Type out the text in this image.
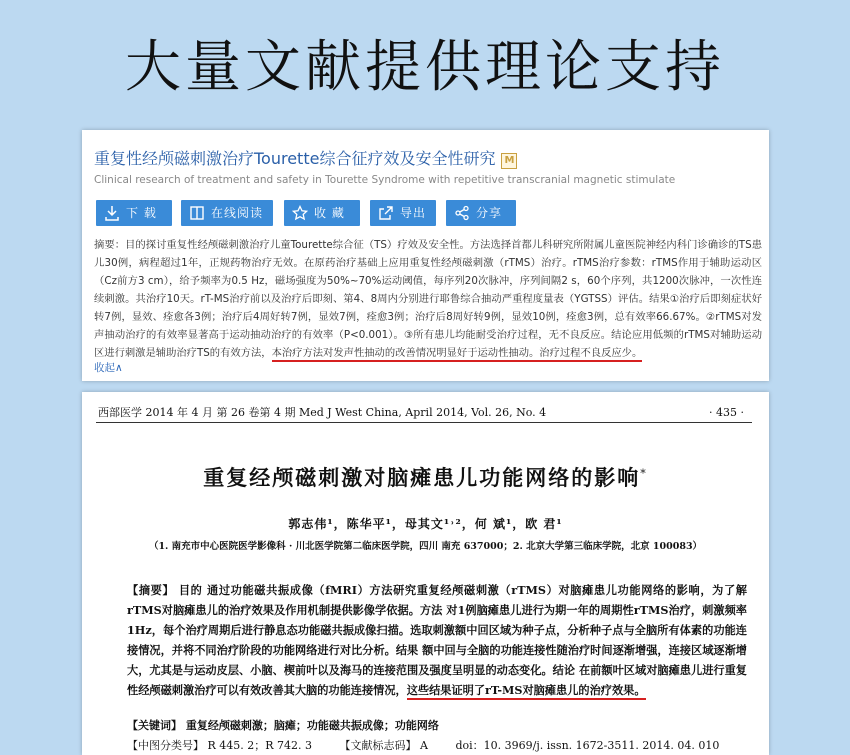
大量文献提供理论支持
重复性经颅磁刺激治疗Tourette综合征疗效及安全性研究 M
Clinical research of treatment and safety in Tourette Syndrome with repetitive transcranial magnetic stimulate
下 载	在线阅读	收 藏	导出	分享
摘要：目的探讨重复性经颅磁刺激治疗儿童Tourette综合征（TS）疗效及安全性。方法选择首都儿科研究所附属儿童医院神经内科门诊确诊的TS患儿30例，病程超过1年，正规药物治疗无效。在原药治疗基础上应用重复性经颅磁刺激（rTMS）治疗。rTMS治疗参数：rTMS作用于辅助运动区（Cz前方3 cm），给予频率为0.5 Hz，磁场强度为50%~70%运动阈值，每序列20次脉冲，序列间隔2 s，60个序列，共1200次脉冲，一次性连续刺激。共治疗10天。rT-MS治疗前以及治疗后即刻、第4、8周内分别进行耶鲁综合抽动严重程度量表（YGTSS）评估。结果①治疗后即刻症状好转7例，显效、痊愈各3例；治疗后4周好转7例，显效7例，痊愈3例；治疗后8周好转9例，显效10例，痊愈3例，总有效率66.67%。②rTMS对发声抽动治疗的有效率显著高于运动抽动治疗的有效率（P<0.001）。③所有患儿均能耐受治疗过程，无不良反应。结论应用低频的rTMS对辅助运动区进行刺激是辅助治疗TS的有效方法，本治疗方法对发声性抽动的改善情况明显好于运动性抽动。治疗过程不良反应少。
收起∧
西部医学 2014 年 4 月 第 26 卷第 4 期 Med J West China, April 2014, Vol. 26, No. 4	· 435 ·
重复经颅磁刺激对脑瘫患儿功能网络的影响*
郭志伟¹，陈华平¹，母其文¹˒²，何 斌¹，欧 君¹
（1. 南充市中心医院医学影像科 · 川北医学院第二临床医学院，四川 南充 637000；2. 北京大学第三临床学院，北京 100083）
【摘要】 目的 通过功能磁共振成像（fMRI）方法研究重复经颅磁刺激（rTMS）对脑瘫患儿功能网络的影响，为了解rTMS对脑瘫患儿的治疗效果及作用机制提供影像学依据。方法 对1例脑瘫患儿进行为期一年的周期性rTMS治疗，刺激频率1Hz，每个治疗周期后进行静息态功能磁共振成像扫描。选取刺激额中回区域为种子点，分析种子点与全脑所有体素的功能连接情况，并将不同治疗阶段的功能网络进行对比分析。结果 额中回与全脑的功能连接性随治疗时间逐渐增强，连接区域逐渐增大，尤其是与运动皮层、小脑、楔前叶以及海马的连接范围及强度呈明显的动态变化。结论 在前额叶区域对脑瘫患儿进行重复性经颅磁刺激治疗可以有效改善其大脑的功能连接情况，这些结果证明了rT-MS对脑瘫患儿的治疗效果。
【关键词】 重复经颅磁刺激；脑瘫；功能磁共振成像；功能网络
【中图分类号】 R 445. 2；R 742. 3	【文献标志码】 A	doi：10. 3969/j. issn. 1672-3511. 2014. 04. 010
